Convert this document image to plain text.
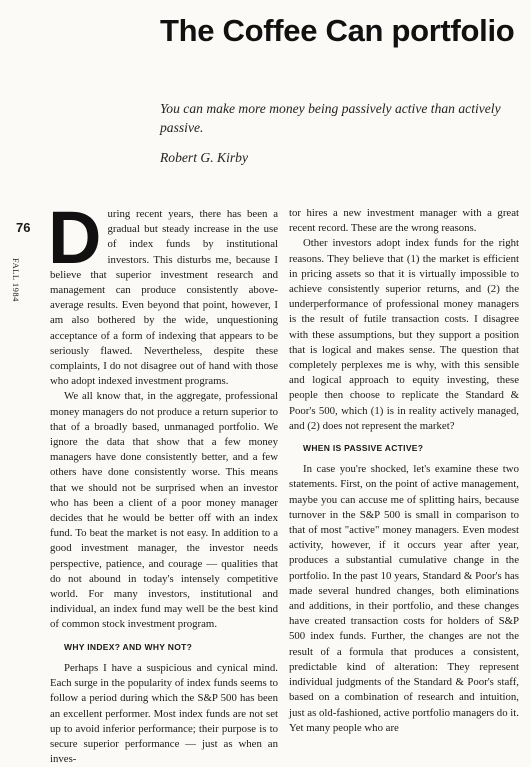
The Coffee Can portfolio
You can make more money being passively active than actively passive.
Robert G. Kirby
76
FALL 1984

During recent years, there has been a gradual but steady increase in the use of index funds by institutional investors. This disturbs me, because I believe that superior investment research and management can produce consistently above-average results. Even beyond that point, however, I am also bothered by the wide, unquestioning acceptance of a form of indexing that appears to be seriously flawed. Nevertheless, despite these complaints, I do not disagree out of hand with those who adopt indexed investment programs.

We all know that, in the aggregate, professional money managers do not produce a return superior to that of a broadly based, unmanaged portfolio. We ignore the data that show that a few money managers have done consistently better, and a few others have done consistently worse. This means that we should not be surprised when an investor who has been a client of a poor money manager decides that he would be better off with an index fund. To beat the market is not easy. In addition to a good investment manager, the investor needs perspective, patience, and courage — qualities that do not abound in today's intensely competitive world. For many investors, institutional and individual, an index fund may well be the best kind of common stock investment program.

WHY INDEX? AND WHY NOT?

Perhaps I have a suspicious and cynical mind. Each surge in the popularity of index funds seems to follow a period during which the S&P 500 has been an excellent performer. Most index funds are not set up to avoid inferior performance; their purpose is to secure superior performance — just as when an inves-

tor hires a new investment manager with a great recent record. These are the wrong reasons.

Other investors adopt index funds for the right reasons. They believe that (1) the market is efficient in pricing assets so that it is virtually impossible to achieve consistently superior returns, and (2) the underperformance of professional money managers is the result of futile transaction costs. I disagree with these assumptions, but they support a position that is logical and makes sense. The question that completely perplexes me is why, with this sensible and logical approach to equity investing, these people then choose to replicate the Standard & Poor's 500, which (1) is in reality actively managed, and (2) does not represent the market?

WHEN IS PASSIVE ACTIVE?

In case you're shocked, let's examine these two statements. First, on the point of active management, maybe you can accuse me of splitting hairs, because turnover in the S&P 500 is small in comparison to that of most "active" money managers. Even modest activity, however, if it occurs year after year, produces a substantial cumulative change in the portfolio. In the past 10 years, Standard & Poor's has made several hundred changes, both eliminations and additions, in their portfolio, and these changes have created transaction costs for holders of S&P 500 index funds. Further, the changes are not the result of a formula that produces a consistent, predictable kind of alteration: They represent individual judgments of the Standard & Poor's staff, based on a combination of research and intuition, just as old-fashioned, active portfolio managers do it. Yet many people who are
